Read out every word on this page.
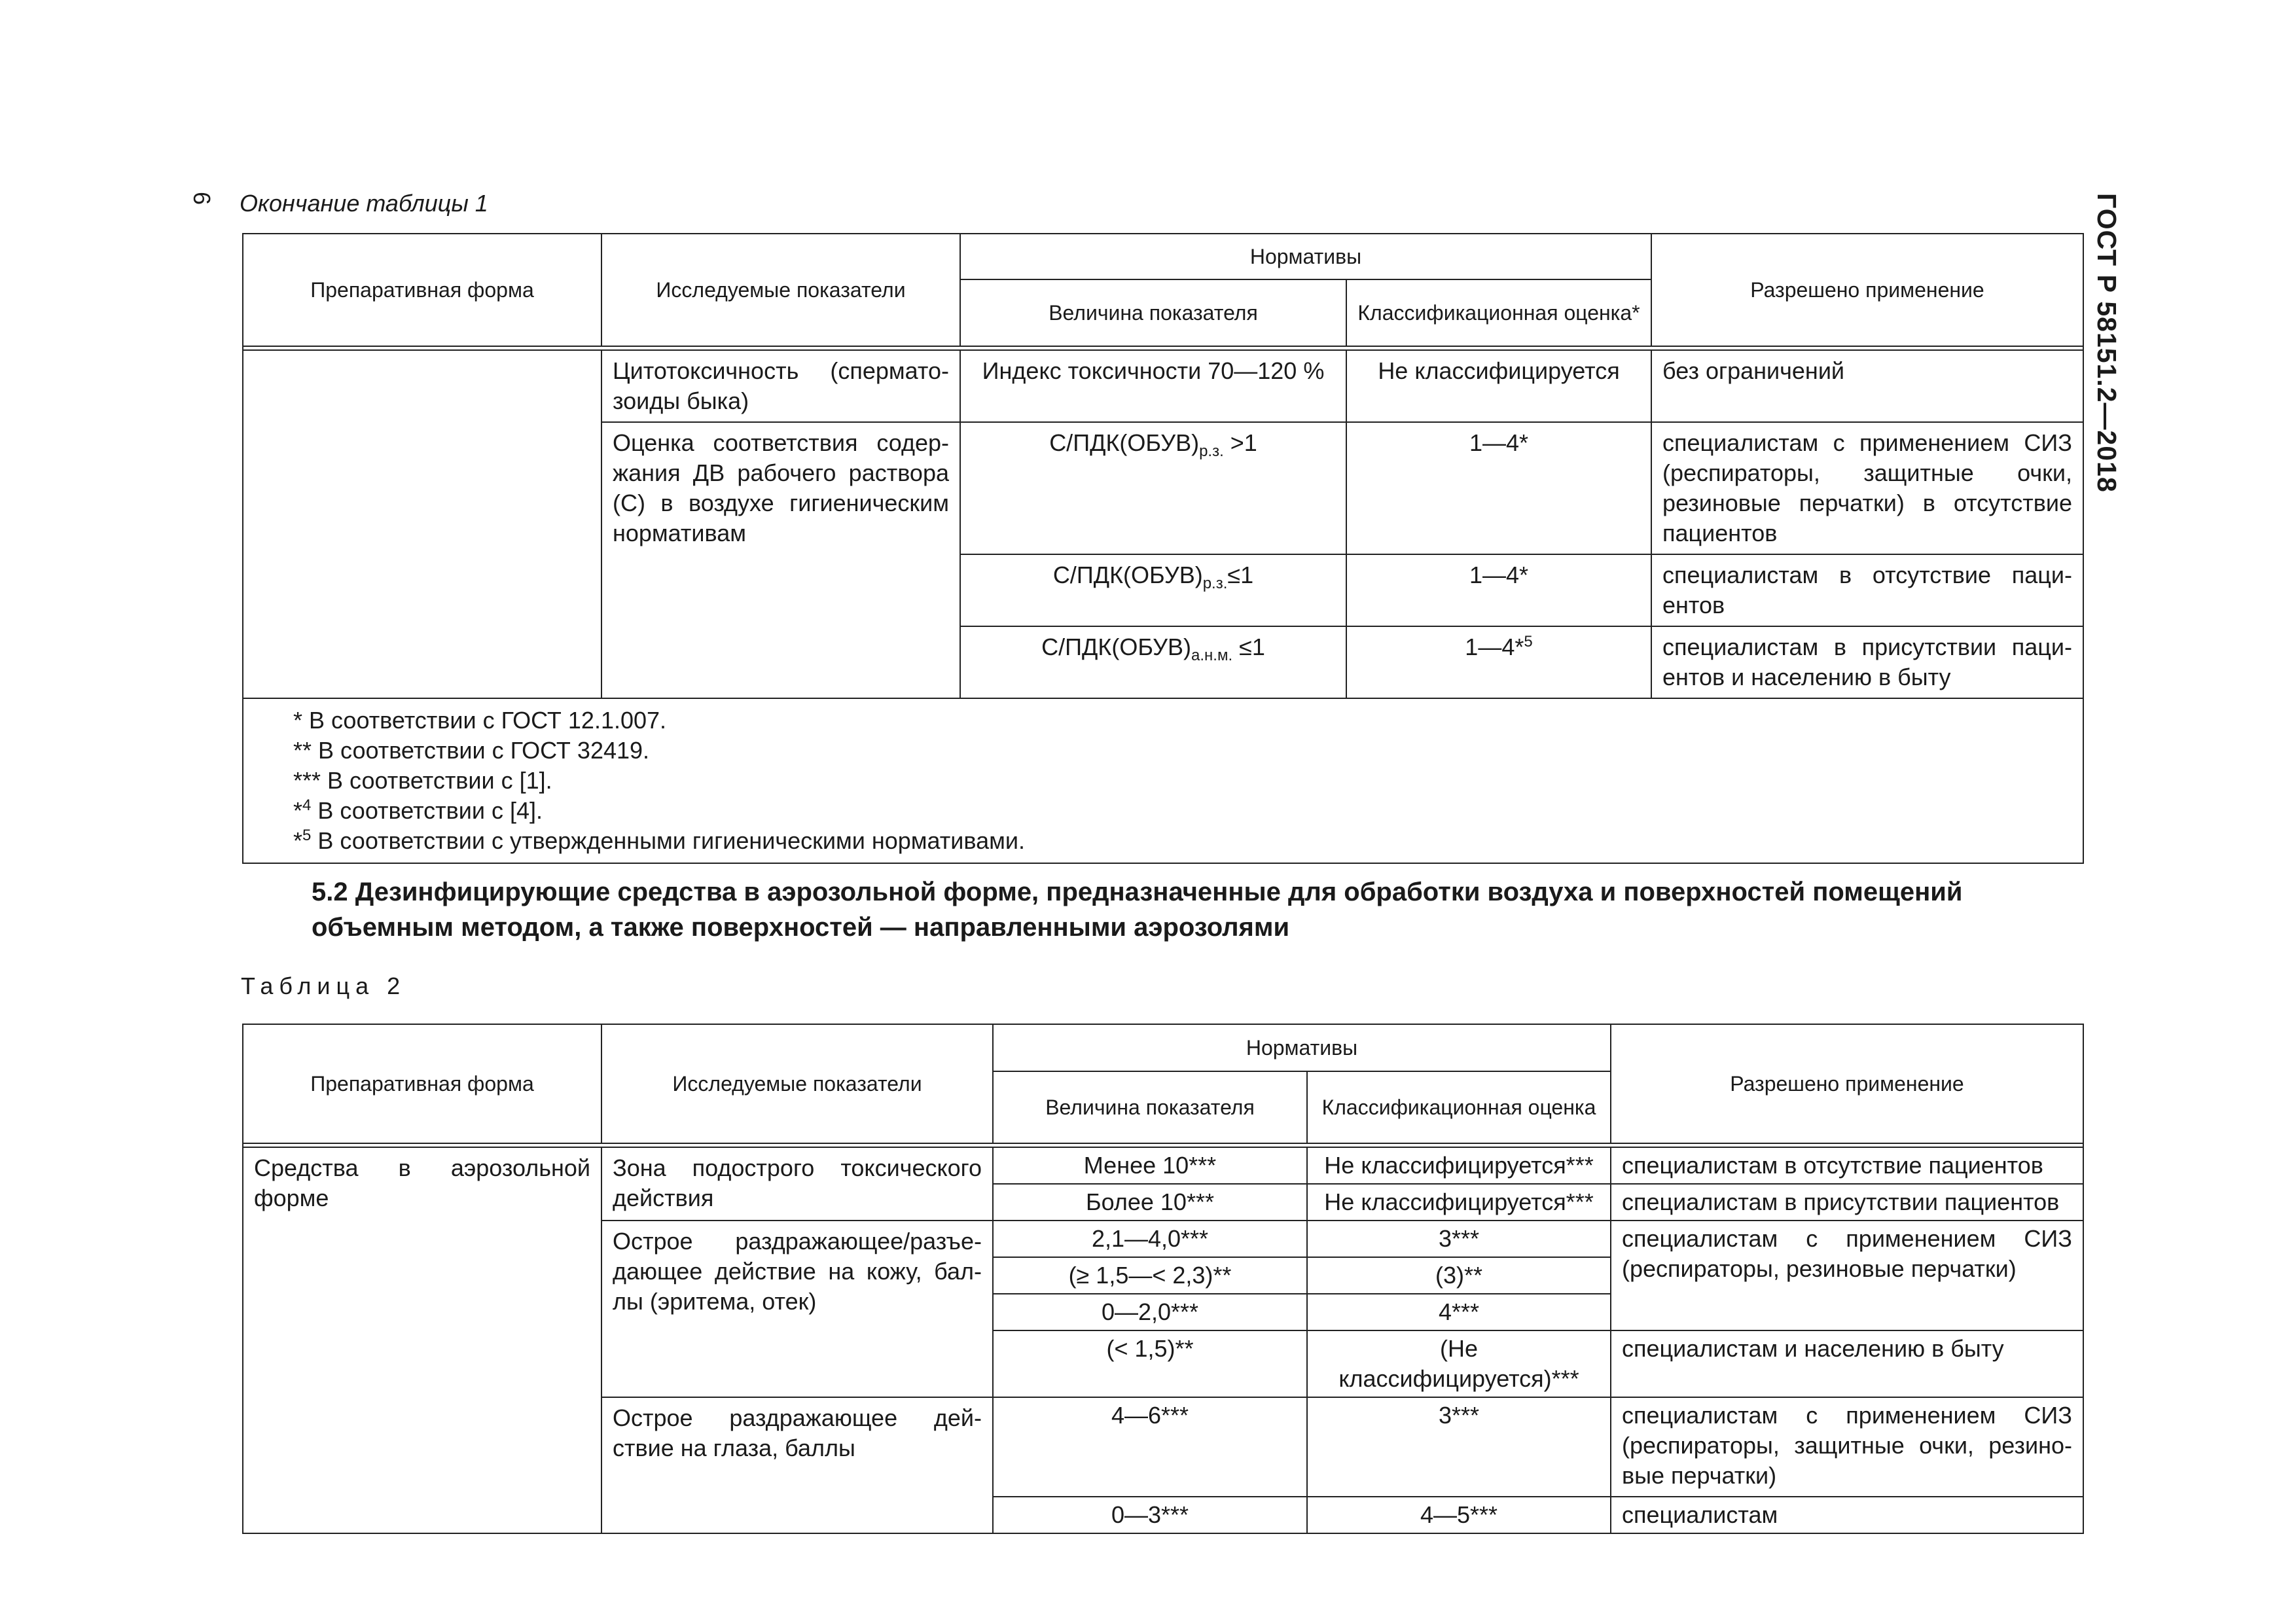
6 Окончание таблицы 1	ГОСТ Р 58151.2—2018
Препаративная форма	Исследуемые показатели	Нормативы		Разрешено применение
		Величина показателя	Классификационная оценка*	

	Цитотоксичность (спермато-зоиды быка)	Индекс токсичности 70—120 %	Не классифицируется	без ограничений
	Оценка соответствия содер-жания ДВ рабочего раствора (С) в воздухе гигиеническим нормативам	$С/ПДК(ОБУВ)_{р.з.} >1$	1—4*	специалистам с применением СИЗ (респираторы, защитные очки, резиновые перчатки) в отсутствие пациентов
		$С/ПДК(ОБУВ)_{р.з.}\le 1$	1—4*	специалистам в отсутствие паци-ентов
		$С/ПДК(ОБУВ)_{а.н.м.} \le 1$	1—4*$^5$	специалистам в присутствии паци-ентов и населению в быту

* В соответствии с ГОСТ 12.1.007.
** В соответствии с ГОСТ 32419.
*** В соответствии с [1].
*$^4$ В соответствии с [4].
*$^5$ В соответствии с утвержденными гигиеническими нормативами.				
5.2 Дезинфицирующие средства в аэрозольной форме, предназначенные для обработки воздуха и поверхностей помещений
объемным методом, а также поверхностей — направленными аэрозолями
Таблица 2
Препаративная форма	Исследуемые показатели	Нормативы		Разрешено применение
		Величина показателя	Классификационная оценка	

Средства в аэрозольной форме	Зона подострого токсического действия	Менее 10***	Не классифицируется***	специалистам в отсутствие пациентов
		Более 10***	Не классифицируется***	специалистам в присутствии пациентов
	Острое раздражающее/разъе-дающее действие на кожу, бал-лы (эритема, отек)	2,1—4,0***	3***	специалистам с применением СИЗ (респираторы, резиновые перчатки)
		(≥ 1,5—< 2,3)**	(3)**	
		0—2,0***	4***	
		(< 1,5)**	(Не классифицируется)***	специалистам и населению в быту
	Острое раздражающее дей-ствие на глаза, баллы	4—6***	3***	специалистам с применением СИЗ (респираторы, защитные очки, резино-вые перчатки)
		0—3***	4—5***	специалистам
